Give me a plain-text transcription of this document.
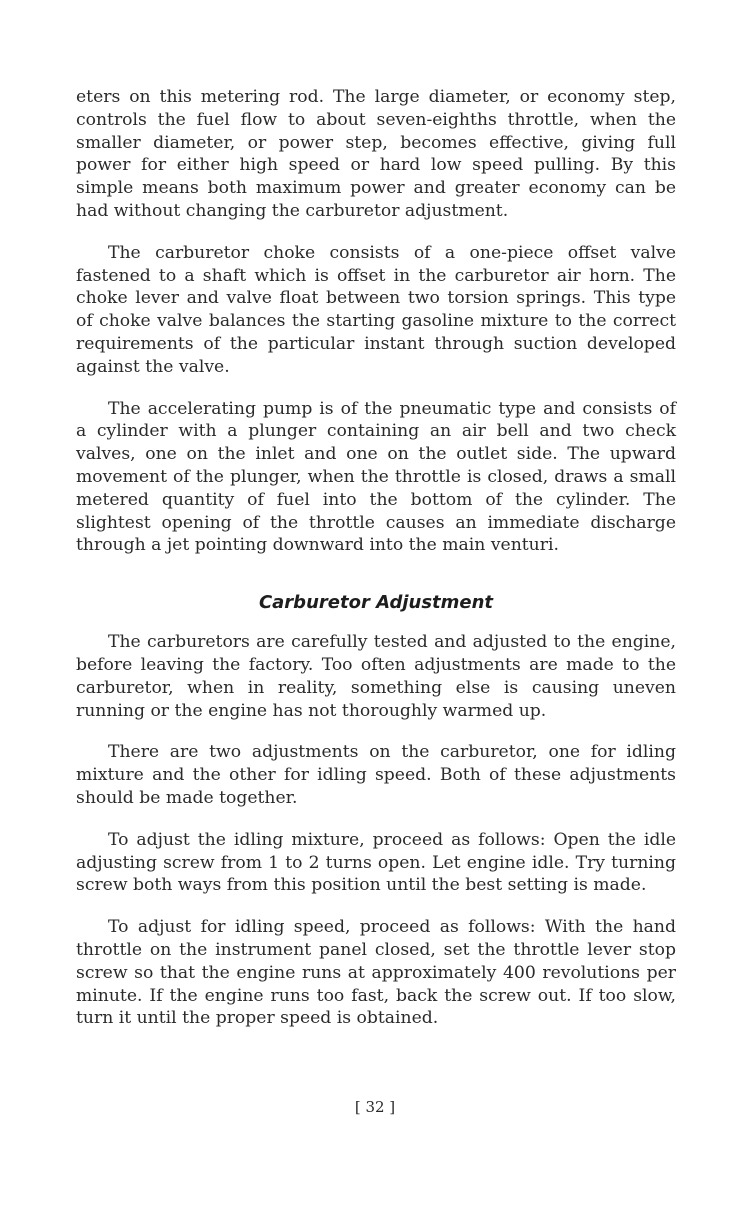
eters on this metering rod. The large diameter, or economy step, controls the fuel flow to about seven-eighths throttle, when the smaller diameter, or power step, becomes effective, giving full power for either high speed or hard low speed pulling. By this simple means both maximum power and greater economy can be had without changing the carburetor adjustment.

The carburetor choke consists of a one-piece offset valve fastened to a shaft which is offset in the carburetor air horn. The choke lever and valve float between two torsion springs. This type of choke valve balances the starting gasoline mixture to the correct requirements of the particular instant through suction developed against the valve.

The accelerating pump is of the pneumatic type and consists of a cylinder with a plunger containing an air bell and two check valves, one on the inlet and one on the outlet side. The upward movement of the plunger, when the throttle is closed, draws a small metered quantity of fuel into the bottom of the cylinder. The slightest opening of the throttle causes an immediate discharge through a jet pointing downward into the main venturi.

Carburetor Adjustment

The carburetors are carefully tested and adjusted to the engine, before leaving the factory. Too often adjustments are made to the carburetor, when in reality, something else is causing uneven running or the engine has not thoroughly warmed up.

There are two adjustments on the carburetor, one for idling mixture and the other for idling speed. Both of these adjustments should be made together.

To adjust the idling mixture, proceed as follows: Open the idle adjusting screw from 1 to 2 turns open. Let engine idle. Try turning screw both ways from this position until the best setting is made.

To adjust for idling speed, proceed as follows: With the hand throttle on the instrument panel closed, set the throttle lever stop screw so that the engine runs at approximately 400 revolutions per minute. If the engine runs too fast, back the screw out. If too slow, turn it until the proper speed is obtained.

[ 32 ]
